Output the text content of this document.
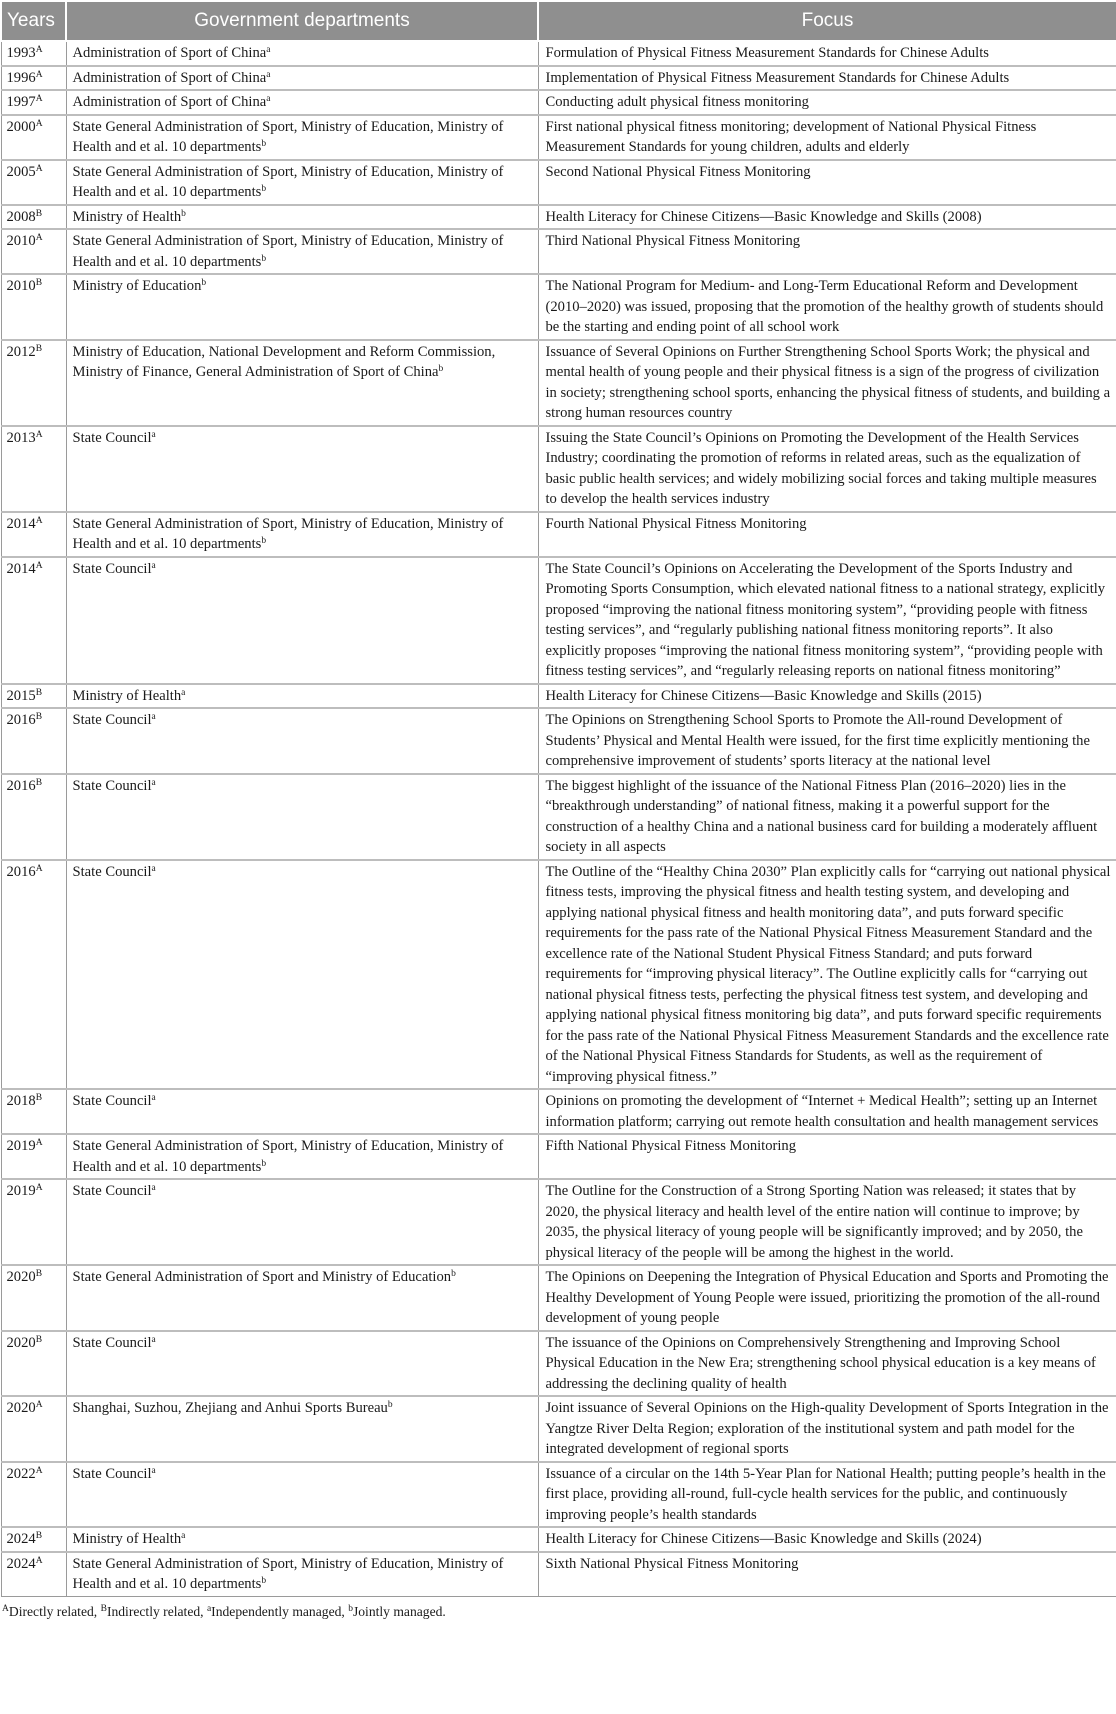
Years	Government departments	Focus
$1993^A$	Administration of Sport of China$^a$	Formulation of Physical Fitness Measurement Standards for Chinese Adults
$1996^A$	Administration of Sport of China$^a$	Implementation of Physical Fitness Measurement Standards for Chinese Adults
$1997^A$	Administration of Sport of China$^a$	Conducting adult physical fitness monitoring
$2000^A$	State General Administration of Sport, Ministry of Education, Ministry of Health and et al. 10 departments$^b$	First national physical fitness monitoring; development of National Physical Fitness Measurement Standards for young children, adults and elderly
$2005^A$	State General Administration of Sport, Ministry of Education, Ministry of Health and et al. 10 departments$^b$	Second National Physical Fitness Monitoring
$2008^B$	Ministry of Health$^b$	Health Literacy for Chinese Citizens—Basic Knowledge and Skills (2008)
$2010^A$	State General Administration of Sport, Ministry of Education, Ministry of Health and et al. 10 departments$^b$	Third National Physical Fitness Monitoring
$2010^B$	Ministry of Education$^b$	The National Program for Medium- and Long-Term Educational Reform and Development (2010–2020) was issued, proposing that the promotion of the healthy growth of students should be the starting and ending point of all school work
$2012^B$	Ministry of Education, National Development and Reform Commission, Ministry of Finance, General Administration of Sport of China$^b$	Issuance of Several Opinions on Further Strengthening School Sports Work; the physical and mental health of young people and their physical fitness is a sign of the progress of civilization in society; strengthening school sports, enhancing the physical fitness of students, and building a strong human resources country
$2013^A$	State Council$^a$	Issuing the State Council’s Opinions on Promoting the Development of the Health Services Industry; coordinating the promotion of reforms in related areas, such as the equalization of basic public health services; and widely mobilizing social forces and taking multiple measures to develop the health services industry
$2014^A$	State General Administration of Sport, Ministry of Education, Ministry of Health and et al. 10 departments$^b$	Fourth National Physical Fitness Monitoring
$2014^A$	State Council$^a$	The State Council’s Opinions on Accelerating the Development of the Sports Industry and Promoting Sports Consumption, which elevated national fitness to a national strategy, explicitly proposed “improving the national fitness monitoring system”, “providing people with fitness testing services”, and “regularly publishing national fitness monitoring reports”. It also explicitly proposes “improving the national fitness monitoring system”, “providing people with fitness testing services”, and “regularly releasing reports on national fitness monitoring”
$2015^B$	Ministry of Health$^a$	Health Literacy for Chinese Citizens—Basic Knowledge and Skills (2015)
$2016^B$	State Council$^a$	The Opinions on Strengthening School Sports to Promote the All-round Development of Students’ Physical and Mental Health were issued, for the first time explicitly mentioning the comprehensive improvement of students’ sports literacy at the national level
$2016^B$	State Council$^a$	The biggest highlight of the issuance of the National Fitness Plan (2016–2020) lies in the “breakthrough understanding” of national fitness, making it a powerful support for the construction of a healthy China and a national business card for building a moderately affluent society in all aspects
$2016^A$	State Council$^a$	The Outline of the “Healthy China 2030” Plan explicitly calls for “carrying out national physical fitness tests, improving the physical fitness and health testing system, and developing and applying national physical fitness and health monitoring data”, and puts forward specific requirements for the pass rate of the National Physical Fitness Measurement Standard and the excellence rate of the National Student Physical Fitness Standard; and puts forward requirements for “improving physical literacy”. The Outline explicitly calls for “carrying out national physical fitness tests, perfecting the physical fitness test system, and developing and applying national physical fitness monitoring big data”, and puts forward specific requirements for the pass rate of the National Physical Fitness Measurement Standards and the excellence rate of the National Physical Fitness Standards for Students, as well as the requirement of “improving physical fitness.”
$2018^B$	State Council$^a$	Opinions on promoting the development of “Internet + Medical Health”; setting up an Internet information platform; carrying out remote health consultation and health management services
$2019^A$	State General Administration of Sport, Ministry of Education, Ministry of Health and et al. 10 departments$^b$	Fifth National Physical Fitness Monitoring
$2019^A$	State Council$^a$	The Outline for the Construction of a Strong Sporting Nation was released; it states that by 2020, the physical literacy and health level of the entire nation will continue to improve; by 2035, the physical literacy of young people will be significantly improved; and by 2050, the physical literacy of the people will be among the highest in the world.
$2020^B$	State General Administration of Sport and Ministry of Education$^b$	The Opinions on Deepening the Integration of Physical Education and Sports and Promoting the Healthy Development of Young People were issued, prioritizing the promotion of the all-round development of young people
$2020^B$	State Council$^a$	The issuance of the Opinions on Comprehensively Strengthening and Improving School Physical Education in the New Era; strengthening school physical education is a key means of addressing the declining quality of health
$2020^A$	Shanghai, Suzhou, Zhejiang and Anhui Sports Bureau$^b$	Joint issuance of Several Opinions on the High-quality Development of Sports Integration in the Yangtze River Delta Region; exploration of the institutional system and path model for the integrated development of regional sports
$2022^A$	State Council$^a$	Issuance of a circular on the 14th 5-Year Plan for National Health; putting people’s health in the first place, providing all-round, full-cycle health services for the public, and continuously improving people’s health standards
$2024^B$	Ministry of Health$^a$	Health Literacy for Chinese Citizens—Basic Knowledge and Skills (2024)
$2024^A$	State General Administration of Sport, Ministry of Education, Ministry of Health and et al. 10 departments$^b$	Sixth National Physical Fitness Monitoring
$^A$Directly related, $^B$Indirectly related, $^a$Independently managed, $^b$Jointly managed.
